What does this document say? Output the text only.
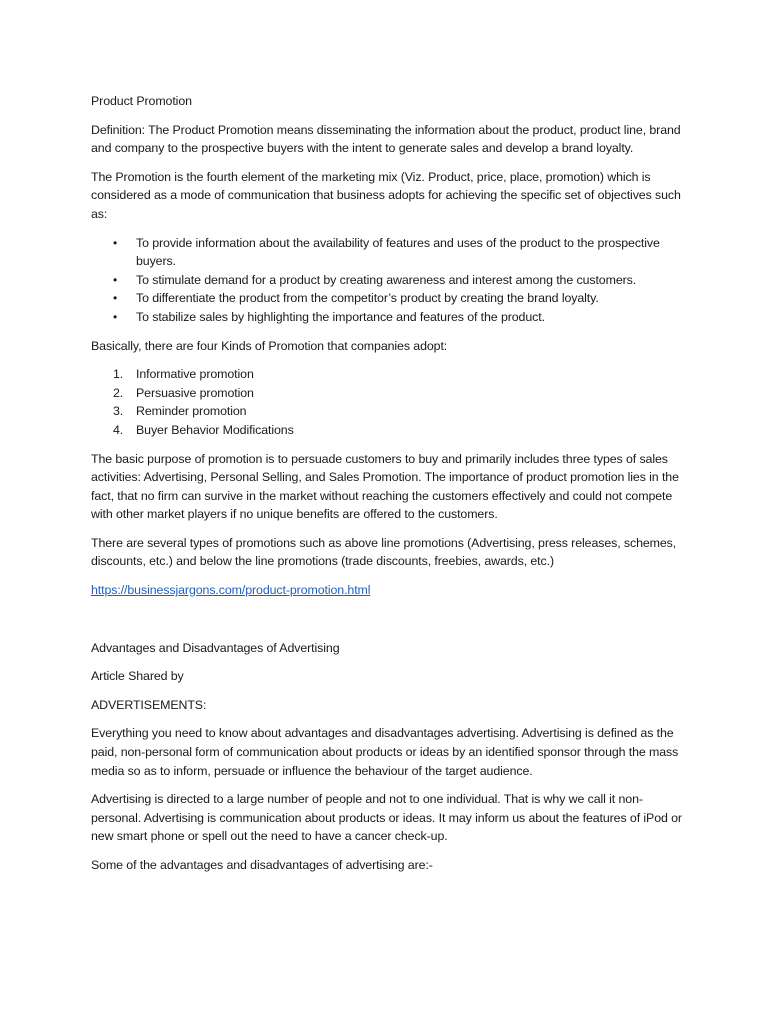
Product Promotion
Definition: The Product Promotion means disseminating the information about the product, product line, brand and company to the prospective buyers with the intent to generate sales and develop a brand loyalty.
The Promotion is the fourth element of the marketing mix (Viz. Product, price, place, promotion) which is considered as a mode of communication that business adopts for achieving the specific set of objectives such as:
• To provide information about the availability of features and uses of the product to the prospective buyers.
• To stimulate demand for a product by creating awareness and interest among the customers.
• To differentiate the product from the competitor’s product by creating the brand loyalty.
• To stabilize sales by highlighting the importance and features of the product.
Basically, there are four Kinds of Promotion that companies adopt:
1. Informative promotion
2. Persuasive promotion
3. Reminder promotion
4. Buyer Behavior Modifications
The basic purpose of promotion is to persuade customers to buy and primarily includes three types of sales activities: Advertising, Personal Selling, and Sales Promotion. The importance of product promotion lies in the fact, that no firm can survive in the market without reaching the customers effectively and could not compete with other market players if no unique benefits are offered to the customers.
There are several types of promotions such as above line promotions (Advertising, press releases, schemes, discounts, etc.) and below the line promotions (trade discounts, freebies, awards, etc.)
https://businessjargons.com/product-promotion.html
Advantages and Disadvantages of Advertising
Article Shared by
ADVERTISEMENTS:
Everything you need to know about advantages and disadvantages advertising. Advertising is defined as the paid, non-personal form of communication about products or ideas by an identified sponsor through the mass media so as to inform, persuade or influence the behaviour of the target audience.
Advertising is directed to a large number of people and not to one individual. That is why we call it non-personal. Advertising is communication about products or ideas. It may inform us about the features of iPod or new smart phone or spell out the need to have a cancer check-up.
Some of the advantages and disadvantages of advertising are:-
